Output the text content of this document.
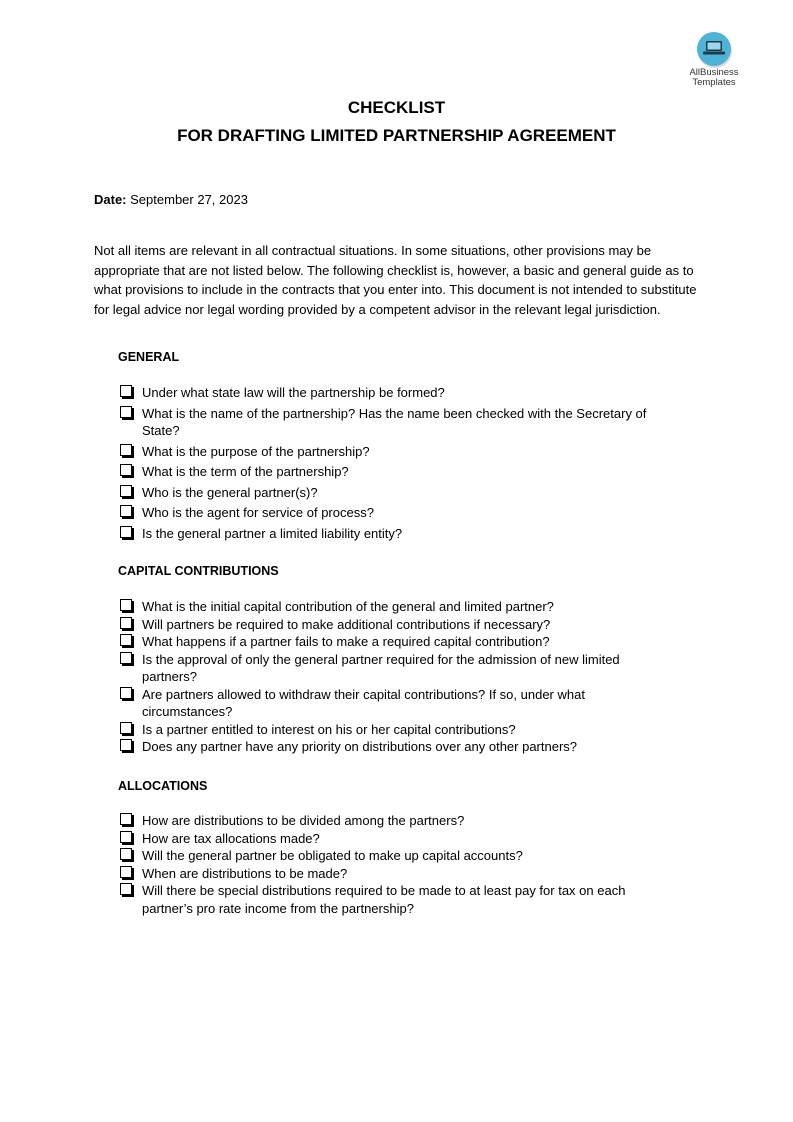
AllBusiness
Templates
CHECKLIST
FOR DRAFTING LIMITED PARTNERSHIP AGREEMENT

Date: September 27, 2023

Not all items are relevant in all contractual situations. In some situations, other provisions may be appropriate that are not listed below. The following checklist is, however, a basic and general guide as to what provisions to include in the contracts that you enter into. This document is not intended to substitute for legal advice nor legal wording provided by a competent advisor in the relevant legal jurisdiction.

GENERAL

Under what state law will the partnership be formed?
What is the name of the partnership? Has the name been checked with the Secretary of State?
What is the purpose of the partnership?
What is the term of the partnership?
Who is the general partner(s)?
Who is the agent for service of process?
Is the general partner a limited liability entity?

CAPITAL CONTRIBUTIONS

What is the initial capital contribution of the general and limited partner?
Will partners be required to make additional contributions if necessary?
What happens if a partner fails to make a required capital contribution?
Is the approval of only the general partner required for the admission of new limited partners?
Are partners allowed to withdraw their capital contributions? If so, under what circumstances?
Is a partner entitled to interest on his or her capital contributions?
Does any partner have any priority on distributions over any other partners?

ALLOCATIONS

How are distributions to be divided among the partners?
How are tax allocations made?
Will the general partner be obligated to make up capital accounts?
When are distributions to be made?
Will there be special distributions required to be made to at least pay for tax on each partner’s pro rate income from the partnership?
